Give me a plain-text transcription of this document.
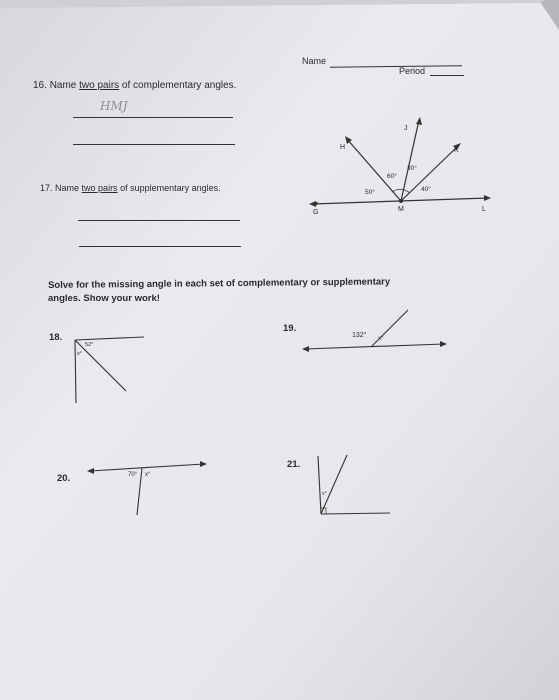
Name
Period
16. Name two pairs of complementary angles.
HMJ
17. Name two pairs of supplementary angles.
H
J
K
G	M	L
60°
30°
50°	40°
Solve for the missing angle in each set of complementary or supplementary
angles. Show your work!
18.
52°
x°
19.
132° x°
20.	70° x°
21.
x°
